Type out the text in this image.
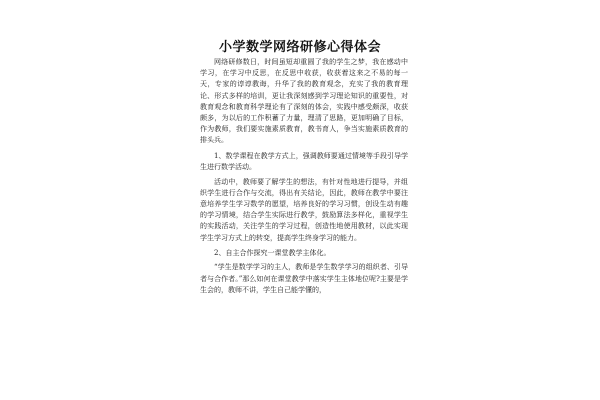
小学数学网络研修心得体会

网络研修数日，时间虽短却重圆了我的学生之梦，我在感动中学习，在学习中反思，在反思中收获，收获着这来之不易的每一天，专家的谆谆教诲，升华了我的教育观念，充实了我的教育理论、形式多样的培训，更让我深刻感到学习理论知识的重要性，对教育观念和教育科学理论有了深刻的体会，实践中感受颇深，收获颇多，为以后的工作积蓄了力量，理清了思路，更加明确了目标，作为教师，我们要实施素质教育，教书育人，争当实施素质教育的排头兵。

1、数学课程在教学方式上，强调教师要通过情境等手段引导学生进行数学活动。

活动中，教师要了解学生的想法，有针对性地进行提导，并组织学生进行合作与交流，得出有关结论，因此，教师在教学中要注意培养学生学习数学的愿望，培养良好的学习习惯，创设生动有趣的学习情境，结合学生实际进行教学，鼓励算法多样化，重视学生的实践活动，关注学生的学习过程，创造性地使用教材，以此实现学生学习方式上的转变，提高学生终身学习的能力。

2、自主合作探究一课堂教学主体化。

“学生是数学学习的主人，教师是学生数学学习的组织者、引导者与合作者。”那么如何在课堂教学中落实学生主体地位呢?主要是学生会的，教师不讲，学生自己能学懂的，
